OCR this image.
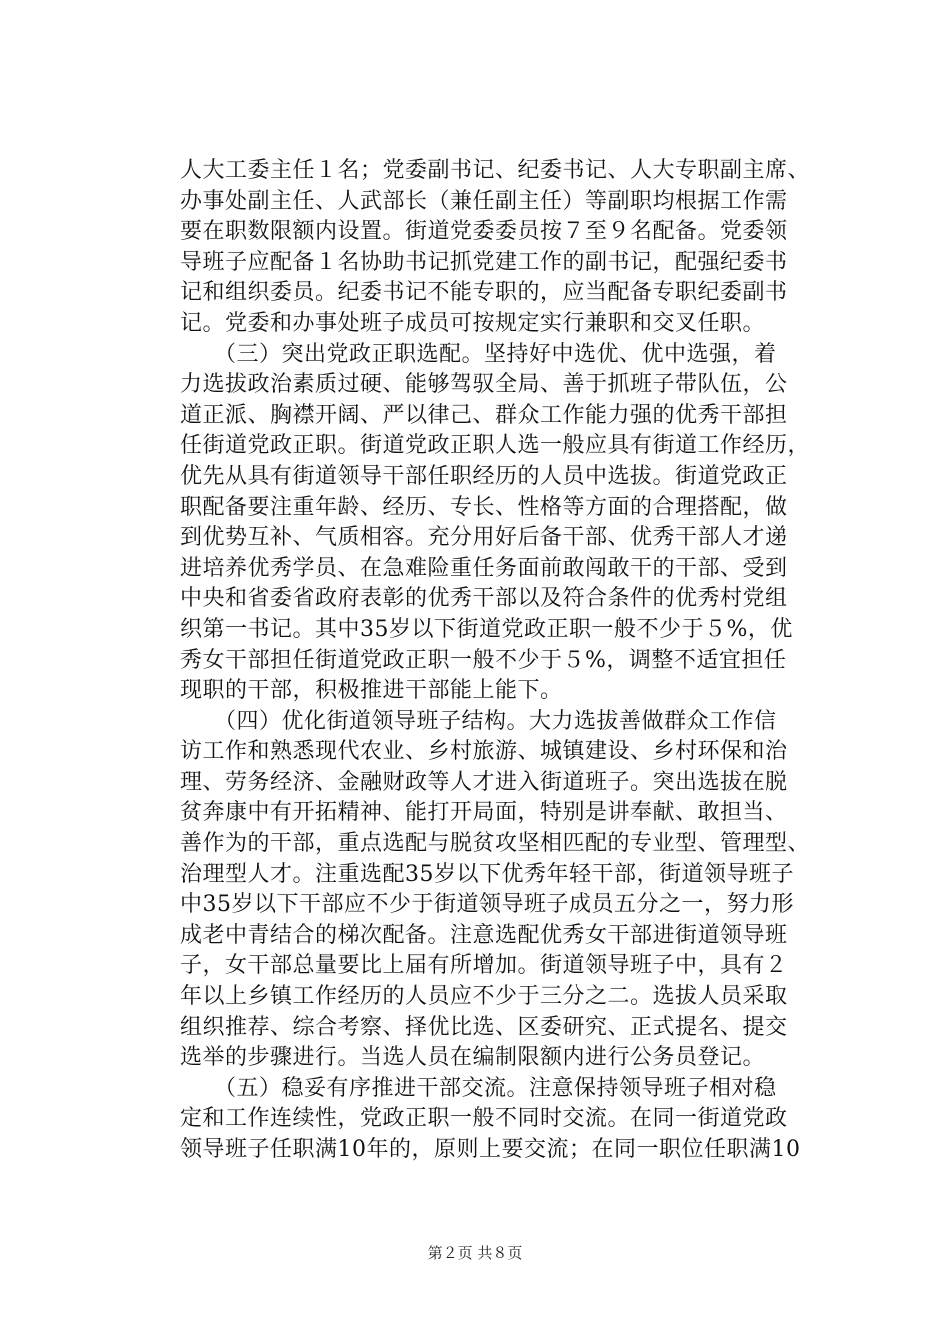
人大工委主任１名；党委副书记、纪委书记、人大专职副主席、
办事处副主任、人武部长（兼任副主任）等副职均根据工作需
要在职数限额内设置。街道党委委员按７至９名配备。党委领
导班子应配备１名协助书记抓党建工作的副书记，配强纪委书
记和组织委员。纪委书记不能专职的，应当配备专职纪委副书
记。党委和办事处班子成员可按规定实行兼职和交叉任职。
　　（三）突出党政正职选配。坚持好中选优、优中选强，着
力选拔政治素质过硬、能够驾驭全局、善于抓班子带队伍，公
道正派、胸襟开阔、严以律己、群众工作能力强的优秀干部担
任街道党政正职。街道党政正职人选一般应具有街道工作经历，
优先从具有街道领导干部任职经历的人员中选拔。街道党政正
职配备要注重年龄、经历、专长、性格等方面的合理搭配，做
到优势互补、气质相容。充分用好后备干部、优秀干部人才递
进培养优秀学员、在急难险重任务面前敢闯敢干的干部、受到
中央和省委省政府表彰的优秀干部以及符合条件的优秀村党组
织第一书记。其中35岁以下街道党政正职一般不少于５%，优
秀女干部担任街道党政正职一般不少于５%，调整不适宜担任
现职的干部，积极推进干部能上能下。
　　（四）优化街道领导班子结构。大力选拔善做群众工作信
访工作和熟悉现代农业、乡村旅游、城镇建设、乡村环保和治
理、劳务经济、金融财政等人才进入街道班子。突出选拔在脱
贫奔康中有开拓精神、能打开局面，特别是讲奉献、敢担当、
善作为的干部，重点选配与脱贫攻坚相匹配的专业型、管理型、
治理型人才。注重选配35岁以下优秀年轻干部，街道领导班子
中35岁以下干部应不少于街道领导班子成员五分之一，努力形
成老中青结合的梯次配备。注意选配优秀女干部进街道领导班
子，女干部总量要比上届有所增加。街道领导班子中，具有２
年以上乡镇工作经历的人员应不少于三分之二。选拔人员采取
组织推荐、综合考察、择优比选、区委研究、正式提名、提交
选举的步骤进行。当选人员在编制限额内进行公务员登记。
　　（五）稳妥有序推进干部交流。注意保持领导班子相对稳
定和工作连续性，党政正职一般不同时交流。在同一街道党政
领导班子任职满10年的，原则上要交流；在同一职位任职满10
第２页 共８页
